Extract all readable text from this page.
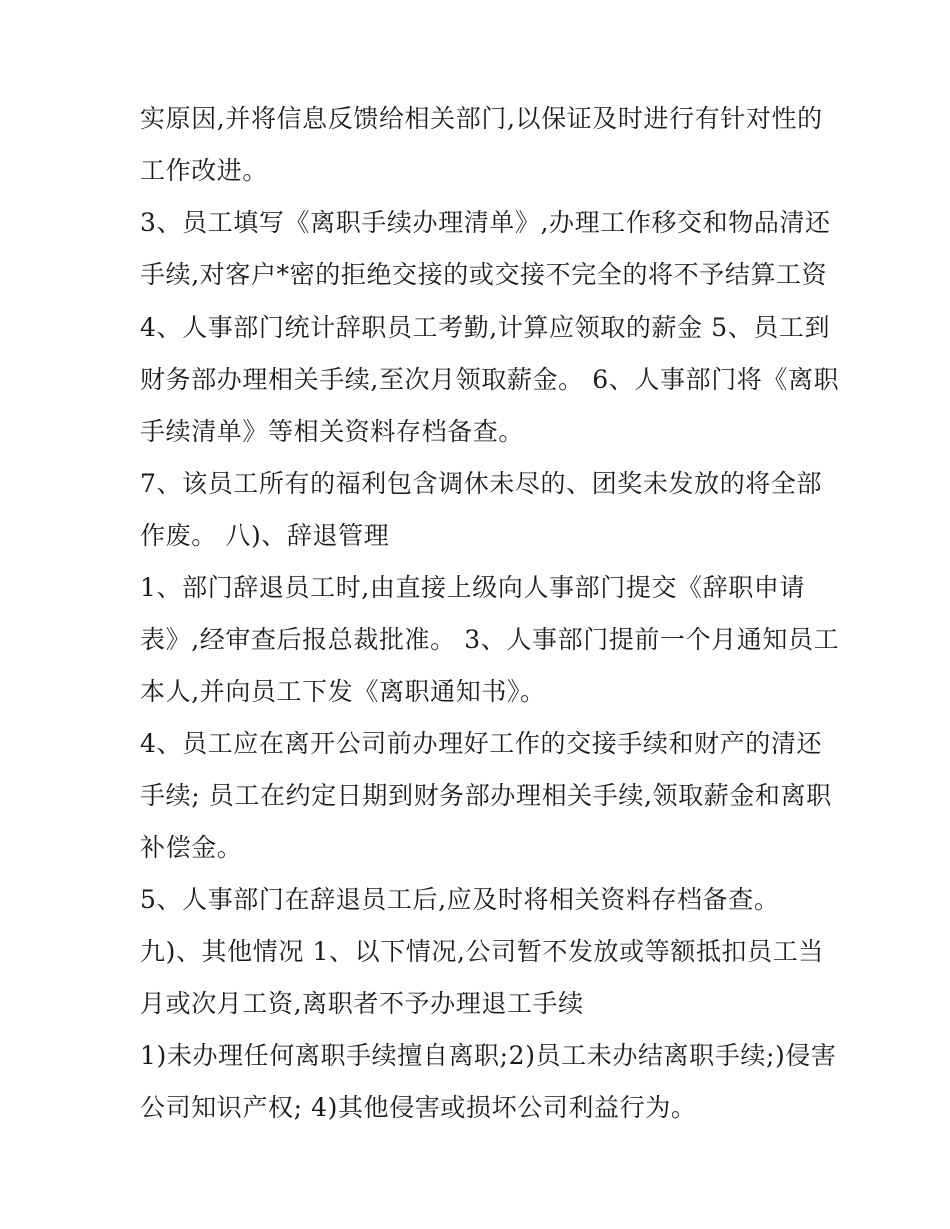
实原因,并将信息反馈给相关部门,以保证及时进行有针对性的
工作改进。
3、员工填写《离职手续办理清单》,办理工作移交和物品清还
手续,对客户*密的拒绝交接的或交接不完全的将不予结算工资
4、人事部门统计辞职员工考勤,计算应领取的薪金 5、员工到
财务部办理相关手续,至次月领取薪金。 6、人事部门将《离职
手续清单》等相关资料存档备查。
7、该员工所有的福利包含调休未尽的、团奖未发放的将全部
作废。 八)、辞退管理
1、部门辞退员工时,由直接上级向人事部门提交《辞职申请
表》,经审查后报总裁批准。 3、人事部门提前一个月通知员工
本人,并向员工下发《离职通知书》。
4、员工应在离开公司前办理好工作的交接手续和财产的清还
手续; 员工在约定日期到财务部办理相关手续,领取薪金和离职
补偿金。
5、人事部门在辞退员工后,应及时将相关资料存档备查。
九)、其他情况 1、以下情况,公司暂不发放或等额抵扣员工当
月或次月工资,离职者不予办理退工手续
1)未办理任何离职手续擅自离职;2)员工未办结离职手续;)侵害
公司知识产权; 4)其他侵害或损坏公司利益行为。
